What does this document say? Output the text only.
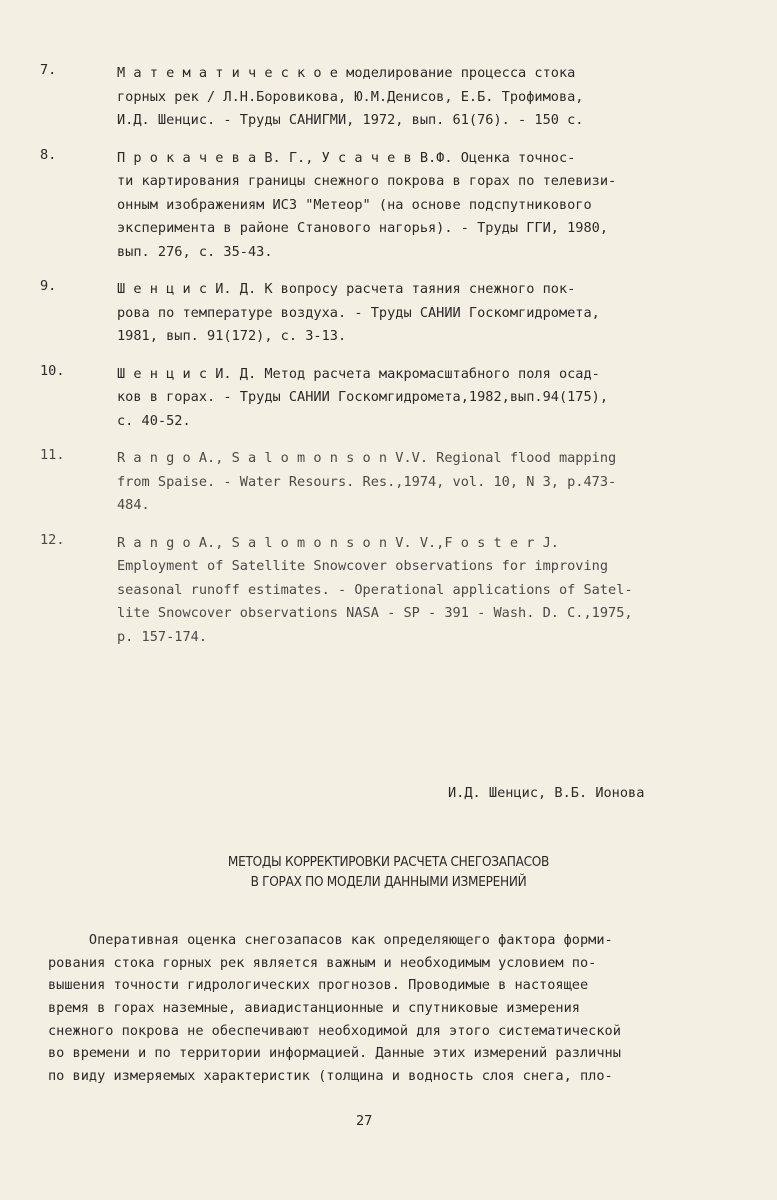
7.	М а т е м а т и ч е с к о е моделирование процесса стока
горных рек / Л.Н.Боровикова, Ю.М.Денисов, Е.Б. Трофимова,
И.Д. Шенцис. - Труды САНИГМИ, 1972, вып. 61(76). - 150 с.
8.	П р о к а ч е в а В. Г., У с а ч е в В.Ф. Оценка точнос-
ти картирования границы снежного покрова в горах по телевизи-
онным изображениям ИСЗ "Метеор" (на основе подспутникового
эксперимента в районе Станового нагорья). - Труды ГГИ, 1980,
вып. 276, с. 35-43.
9.	Ш е н ц и с И. Д. К вопросу расчета таяния снежного пок-
рова по температуре воздуха. - Труды САНИИ Госкомгидромета,
1981, вып. 91(172), с. 3-13.
10.	Ш е н ц и с И. Д. Метод расчета макромасштабного поля осад-
ков в горах. - Труды САНИИ Госкомгидромета,1982,вып.94(175),
с. 40-52.
11.	R a n g o A., S a l o m o n s o n V.V. Regional flood mapping
from Spaise. - Water Resours. Res.,1974, vol. 10, N 3, p.473-
484.
12.	R a n g o A., S a l o m o n s o n V. V.,F o s t e r J.
Employment of Satellite Snowcover observations for improving
seasonal runoff estimates. - Operational applications of Satel-
lite Snowcover observations NASA - SP - 391 - Wash. D. C.,1975,
p. 157-174.
И.Д. Шенцис, В.Б. Ионова
МЕТОДЫ КОРРЕКТИРОВКИ РАСЧЕТА СНЕГОЗАПАСОВ
В ГОРАХ ПО МОДЕЛИ ДАННЫМИ ИЗМЕРЕНИЙ
Оперативная оценка снегозапасов как определяющего фактора форми-
рования стока горных рек является важным и необходимым условием по-
вышения точности гидрологических прогнозов. Проводимые в настоящее
время в горах наземные, авиадистанционные и спутниковые измерения
снежного покрова не обеспечивают необходимой для этого систематической
во времени и по территории информацией. Данные этих измерений различны
по виду измеряемых характеристик (толщина и водность слоя снега, пло-
27
